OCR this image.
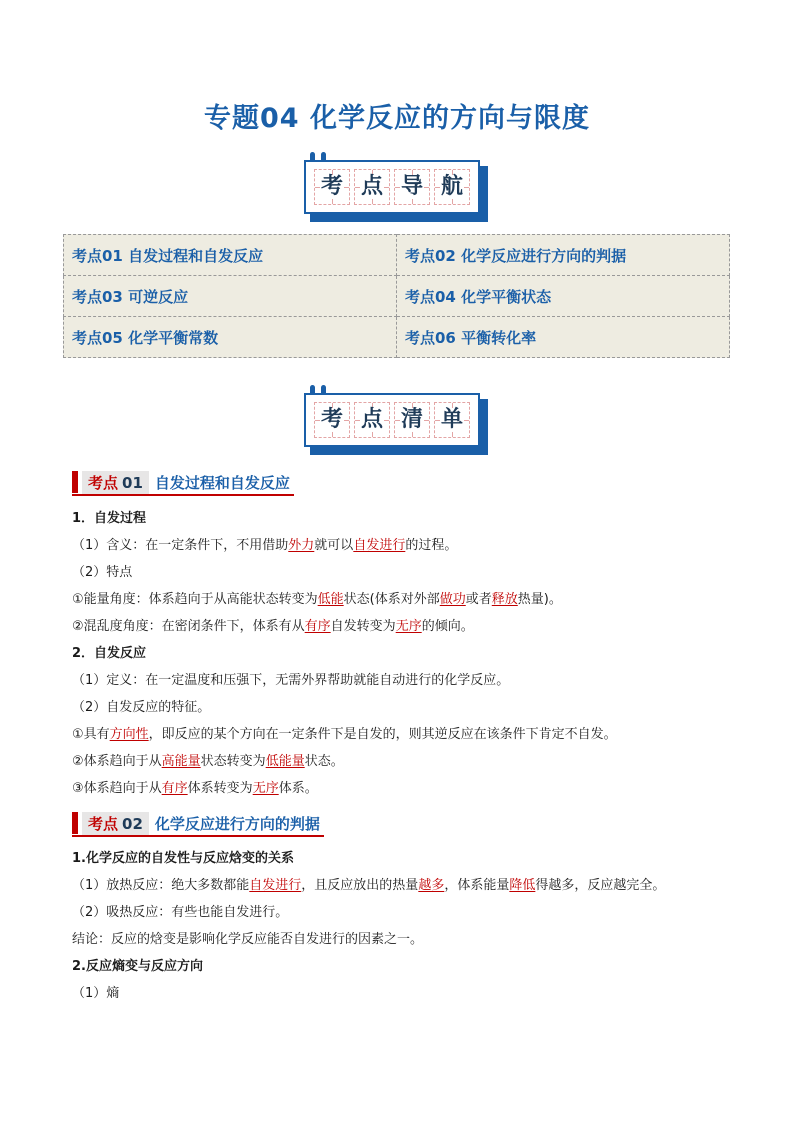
专题04 化学反应的方向与限度
考 点 导 航
考点01 自发过程和自发反应	考点02 化学反应进行方向的判据
考点03 可逆反应	考点04 化学平衡状态
考点05 化学平衡常数	考点06 平衡转化率
考 点 清 单
考点 01 自发过程和自发反应
1．自发过程
（1）含义：在一定条件下，不用借助外力就可以自发进行的过程。
（2）特点
①能量角度：体系趋向于从高能状态转变为低能状态(体系对外部做功或者释放热量)。
②混乱度角度：在密闭条件下，体系有从有序自发转变为无序的倾向。
2．自发反应
（1）定义：在一定温度和压强下，无需外界帮助就能自动进行的化学反应。
（2）自发反应的特征。
①具有方向性，即反应的某个方向在一定条件下是自发的，则其逆反应在该条件下肯定不自发。
②体系趋向于从高能量状态转变为低能量状态。
③体系趋向于从有序体系转变为无序体系。
考点 02 化学反应进行方向的判据
1.化学反应的自发性与反应焓变的关系
（1）放热反应：绝大多数都能自发进行，且反应放出的热量越多，体系能量降低得越多，反应越完全。
（2）吸热反应：有些也能自发进行。
结论：反应的焓变是影响化学反应能否自发进行的因素之一。
2.反应熵变与反应方向
（1）熵
